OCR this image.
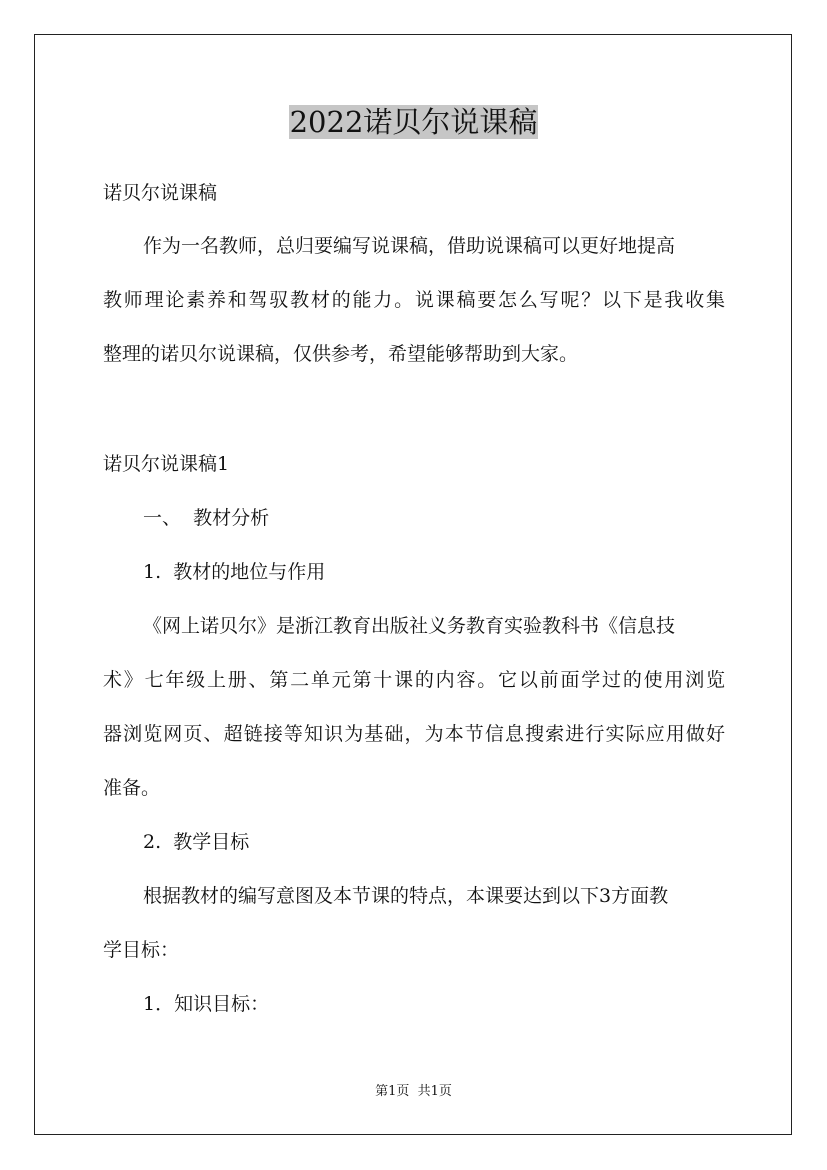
2022诺贝尔说课稿

诺贝尔说课稿

作为一名教师，总归要编写说课稿，借助说课稿可以更好地提高

教师理论素养和驾驭教材的能力。说课稿要怎么写呢？以下是我收集

整理的诺贝尔说课稿，仅供参考，希望能够帮助到大家。

诺贝尔说课稿1

一、  教材分析

1.  教材的地位与作用

《网上诺贝尔》是浙江教育出版社义务教育实验教科书《信息技

术》七年级上册、第二单元第十课的内容。它以前面学过的使用浏览

器浏览网页、超链接等知识为基础，为本节信息搜索进行实际应用做好

准备。

2.  教学目标

根据教材的编写意图及本节课的特点，本课要达到以下3方面教

学目标：

1．知识目标：

第1页  共1页
